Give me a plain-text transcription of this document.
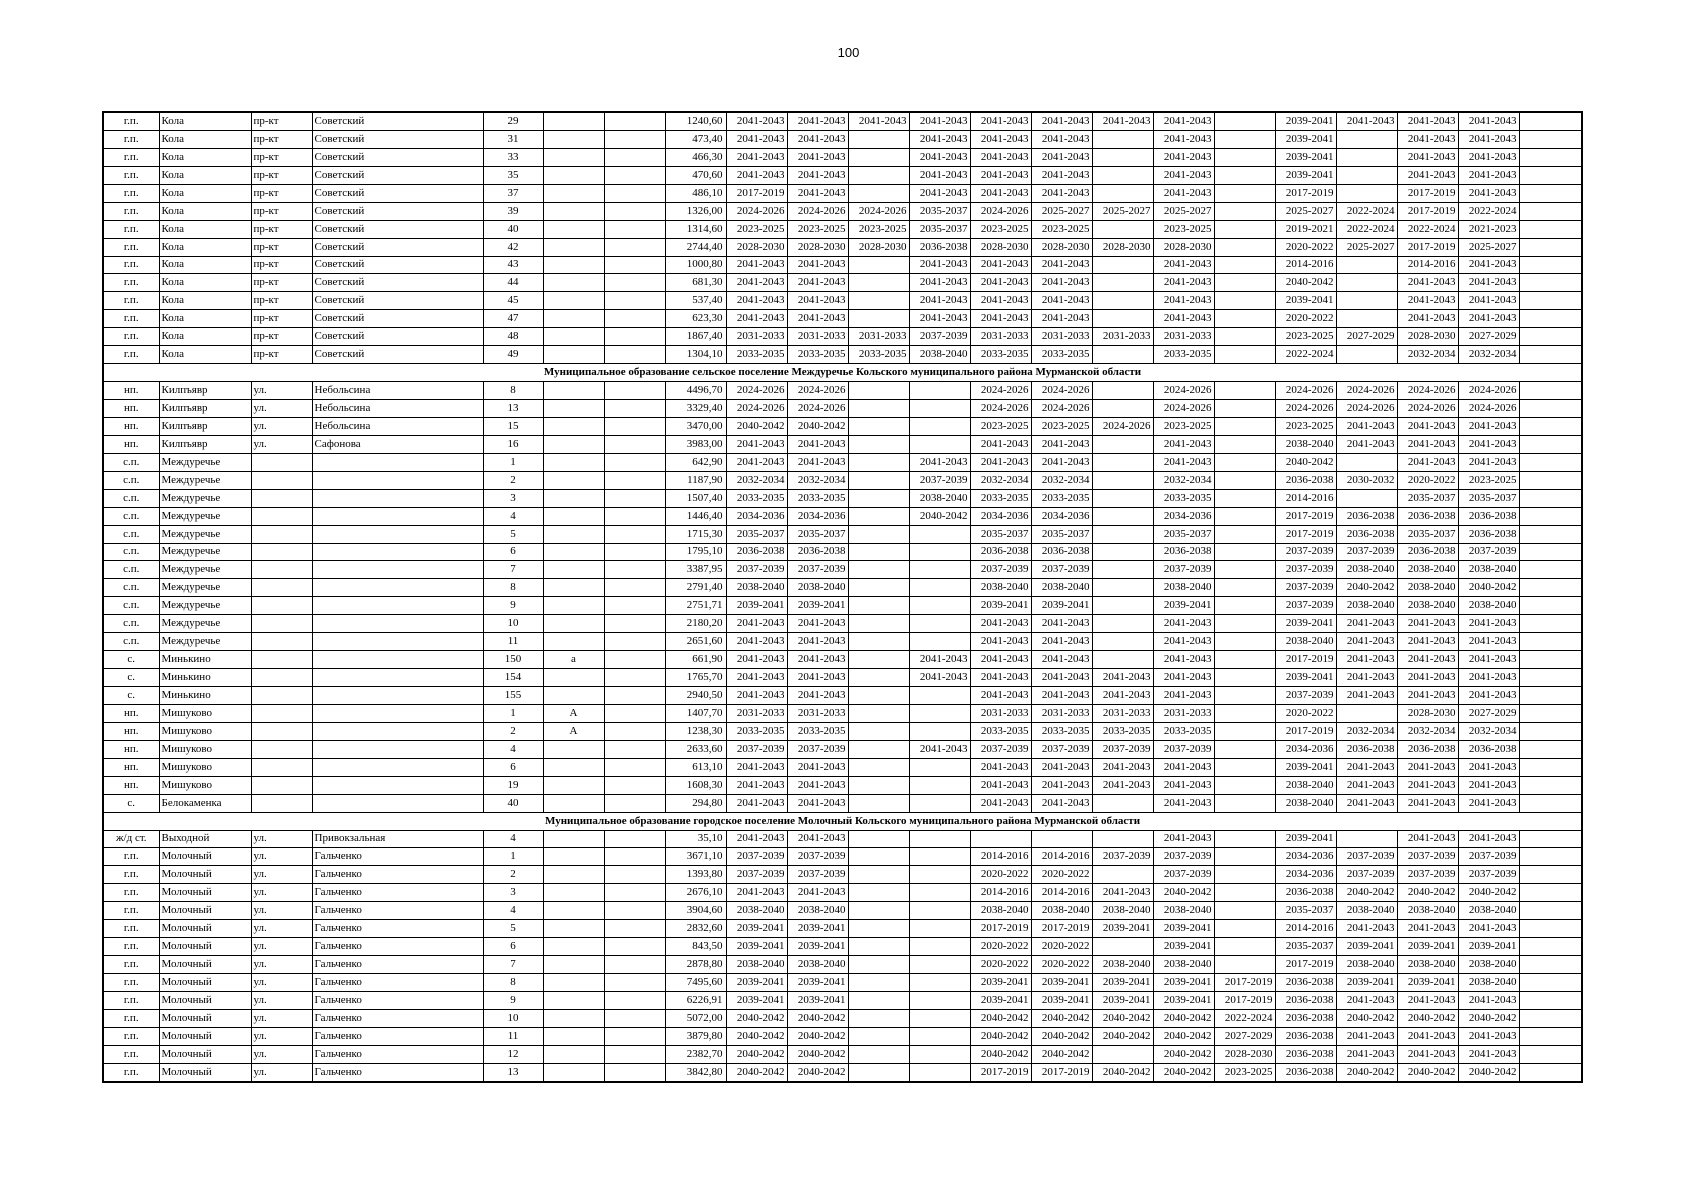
100
г.п.	Кола	пр-кт	Советский	29			1240,60	2041-2043	2041-2043	2041-2043	2041-2043	2041-2043	2041-2043	2041-2043	2041-2043		2039-2041	2041-2043	2041-2043	2041-2043	
г.п.	Кола	пр-кт	Советский	31			473,40	2041-2043	2041-2043		2041-2043	2041-2043	2041-2043		2041-2043		2039-2041		2041-2043	2041-2043	
г.п.	Кола	пр-кт	Советский	33			466,30	2041-2043	2041-2043		2041-2043	2041-2043	2041-2043		2041-2043		2039-2041		2041-2043	2041-2043	
г.п.	Кола	пр-кт	Советский	35			470,60	2041-2043	2041-2043		2041-2043	2041-2043	2041-2043		2041-2043		2039-2041		2041-2043	2041-2043	
г.п.	Кола	пр-кт	Советский	37			486,10	2017-2019	2041-2043		2041-2043	2041-2043	2041-2043		2041-2043		2017-2019		2017-2019	2041-2043	
г.п.	Кола	пр-кт	Советский	39			1326,00	2024-2026	2024-2026	2024-2026	2035-2037	2024-2026	2025-2027	2025-2027	2025-2027		2025-2027	2022-2024	2017-2019	2022-2024	
г.п.	Кола	пр-кт	Советский	40			1314,60	2023-2025	2023-2025	2023-2025	2035-2037	2023-2025	2023-2025		2023-2025		2019-2021	2022-2024	2022-2024	2021-2023	
г.п.	Кола	пр-кт	Советский	42			2744,40	2028-2030	2028-2030	2028-2030	2036-2038	2028-2030	2028-2030	2028-2030	2028-2030		2020-2022	2025-2027	2017-2019	2025-2027	
г.п.	Кола	пр-кт	Советский	43			1000,80	2041-2043	2041-2043		2041-2043	2041-2043	2041-2043		2041-2043		2014-2016		2014-2016	2041-2043	
г.п.	Кола	пр-кт	Советский	44			681,30	2041-2043	2041-2043		2041-2043	2041-2043	2041-2043		2041-2043		2040-2042		2041-2043	2041-2043	
г.п.	Кола	пр-кт	Советский	45			537,40	2041-2043	2041-2043		2041-2043	2041-2043	2041-2043		2041-2043		2039-2041		2041-2043	2041-2043	
г.п.	Кола	пр-кт	Советский	47			623,30	2041-2043	2041-2043		2041-2043	2041-2043	2041-2043		2041-2043		2020-2022		2041-2043	2041-2043	
г.п.	Кола	пр-кт	Советский	48			1867,40	2031-2033	2031-2033	2031-2033	2037-2039	2031-2033	2031-2033	2031-2033	2031-2033		2023-2025	2027-2029	2028-2030	2027-2029	
г.п.	Кола	пр-кт	Советский	49			1304,10	2033-2035	2033-2035	2033-2035	2038-2040	2033-2035	2033-2035		2033-2035		2022-2024		2032-2034	2032-2034	
Муниципальное образование сельское поселение Междуречье Кольского муниципального района Мурманской области																					
нп.	Килпъявр	ул.	Небольсина	8			4496,70	2024-2026	2024-2026			2024-2026	2024-2026		2024-2026		2024-2026	2024-2026	2024-2026	2024-2026	
нп.	Килпъявр	ул.	Небольсина	13			3329,40	2024-2026	2024-2026			2024-2026	2024-2026		2024-2026		2024-2026	2024-2026	2024-2026	2024-2026	
нп.	Килпъявр	ул.	Небольсина	15			3470,00	2040-2042	2040-2042			2023-2025	2023-2025	2024-2026	2023-2025		2023-2025	2041-2043	2041-2043	2041-2043	
нп.	Килпъявр	ул.	Сафонова	16			3983,00	2041-2043	2041-2043			2041-2043	2041-2043		2041-2043		2038-2040	2041-2043	2041-2043	2041-2043	
с.п.	Междуречье			1			642,90	2041-2043	2041-2043		2041-2043	2041-2043	2041-2043		2041-2043		2040-2042		2041-2043	2041-2043	
с.п.	Междуречье			2			1187,90	2032-2034	2032-2034		2037-2039	2032-2034	2032-2034		2032-2034		2036-2038	2030-2032	2020-2022	2023-2025	
с.п.	Междуречье			3			1507,40	2033-2035	2033-2035		2038-2040	2033-2035	2033-2035		2033-2035		2014-2016		2035-2037	2035-2037	
с.п.	Междуречье			4			1446,40	2034-2036	2034-2036		2040-2042	2034-2036	2034-2036		2034-2036		2017-2019	2036-2038	2036-2038	2036-2038	
с.п.	Междуречье			5			1715,30	2035-2037	2035-2037			2035-2037	2035-2037		2035-2037		2017-2019	2036-2038	2035-2037	2036-2038	
с.п.	Междуречье			6			1795,10	2036-2038	2036-2038			2036-2038	2036-2038		2036-2038		2037-2039	2037-2039	2036-2038	2037-2039	
с.п.	Междуречье			7			3387,95	2037-2039	2037-2039			2037-2039	2037-2039		2037-2039		2037-2039	2038-2040	2038-2040	2038-2040	
с.п.	Междуречье			8			2791,40	2038-2040	2038-2040			2038-2040	2038-2040		2038-2040		2037-2039	2040-2042	2038-2040	2040-2042	
с.п.	Междуречье			9			2751,71	2039-2041	2039-2041			2039-2041	2039-2041		2039-2041		2037-2039	2038-2040	2038-2040	2038-2040	
с.п.	Междуречье			10			2180,20	2041-2043	2041-2043			2041-2043	2041-2043		2041-2043		2039-2041	2041-2043	2041-2043	2041-2043	
с.п.	Междуречье			11			2651,60	2041-2043	2041-2043			2041-2043	2041-2043		2041-2043		2038-2040	2041-2043	2041-2043	2041-2043	
с.	Минькино			150	а		661,90	2041-2043	2041-2043		2041-2043	2041-2043	2041-2043		2041-2043		2017-2019	2041-2043	2041-2043	2041-2043	
с.	Минькино			154			1765,70	2041-2043	2041-2043		2041-2043	2041-2043	2041-2043	2041-2043	2041-2043		2039-2041	2041-2043	2041-2043	2041-2043	
с.	Минькино			155			2940,50	2041-2043	2041-2043			2041-2043	2041-2043	2041-2043	2041-2043		2037-2039	2041-2043	2041-2043	2041-2043	
нп.	Мишуково			1	А		1407,70	2031-2033	2031-2033			2031-2033	2031-2033	2031-2033	2031-2033		2020-2022		2028-2030	2027-2029	
нп.	Мишуково			2	А		1238,30	2033-2035	2033-2035			2033-2035	2033-2035	2033-2035	2033-2035		2017-2019	2032-2034	2032-2034	2032-2034	
нп.	Мишуково			4			2633,60	2037-2039	2037-2039		2041-2043	2037-2039	2037-2039	2037-2039	2037-2039		2034-2036	2036-2038	2036-2038	2036-2038	
нп.	Мишуково			6			613,10	2041-2043	2041-2043			2041-2043	2041-2043	2041-2043	2041-2043		2039-2041	2041-2043	2041-2043	2041-2043	
нп.	Мишуково			19			1608,30	2041-2043	2041-2043			2041-2043	2041-2043	2041-2043	2041-2043		2038-2040	2041-2043	2041-2043	2041-2043	
с.	Белокаменка			40			294,80	2041-2043	2041-2043			2041-2043	2041-2043		2041-2043		2038-2040	2041-2043	2041-2043	2041-2043	
Муниципальное образование городское поселение Молочный Кольского муниципального района Мурманской области																					
ж/д ст.	Выходной	ул.	Привокзальная	4			35,10	2041-2043	2041-2043						2041-2043		2039-2041		2041-2043	2041-2043	
г.п.	Молочный	ул.	Гальченко	1			3671,10	2037-2039	2037-2039			2014-2016	2014-2016	2037-2039	2037-2039		2034-2036	2037-2039	2037-2039	2037-2039	
г.п.	Молочный	ул.	Гальченко	2			1393,80	2037-2039	2037-2039			2020-2022	2020-2022		2037-2039		2034-2036	2037-2039	2037-2039	2037-2039	
г.п.	Молочный	ул.	Гальченко	3			2676,10	2041-2043	2041-2043			2014-2016	2014-2016	2041-2043	2040-2042		2036-2038	2040-2042	2040-2042	2040-2042	
г.п.	Молочный	ул.	Гальченко	4			3904,60	2038-2040	2038-2040			2038-2040	2038-2040	2038-2040	2038-2040		2035-2037	2038-2040	2038-2040	2038-2040	
г.п.	Молочный	ул.	Гальченко	5			2832,60	2039-2041	2039-2041			2017-2019	2017-2019	2039-2041	2039-2041		2014-2016	2041-2043	2041-2043	2041-2043	
г.п.	Молочный	ул.	Гальченко	6			843,50	2039-2041	2039-2041			2020-2022	2020-2022		2039-2041		2035-2037	2039-2041	2039-2041	2039-2041	
г.п.	Молочный	ул.	Гальченко	7			2878,80	2038-2040	2038-2040			2020-2022	2020-2022	2038-2040	2038-2040		2017-2019	2038-2040	2038-2040	2038-2040	
г.п.	Молочный	ул.	Гальченко	8			7495,60	2039-2041	2039-2041			2039-2041	2039-2041	2039-2041	2039-2041	2017-2019	2036-2038	2039-2041	2039-2041	2038-2040	
г.п.	Молочный	ул.	Гальченко	9			6226,91	2039-2041	2039-2041			2039-2041	2039-2041	2039-2041	2039-2041	2017-2019	2036-2038	2041-2043	2041-2043	2041-2043	
г.п.	Молочный	ул.	Гальченко	10			5072,00	2040-2042	2040-2042			2040-2042	2040-2042	2040-2042	2040-2042	2022-2024	2036-2038	2040-2042	2040-2042	2040-2042	
г.п.	Молочный	ул.	Гальченко	11			3879,80	2040-2042	2040-2042			2040-2042	2040-2042	2040-2042	2040-2042	2027-2029	2036-2038	2041-2043	2041-2043	2041-2043	
г.п.	Молочный	ул.	Гальченко	12			2382,70	2040-2042	2040-2042			2040-2042	2040-2042		2040-2042	2028-2030	2036-2038	2041-2043	2041-2043	2041-2043	
г.п.	Молочный	ул.	Гальченко	13			3842,80	2040-2042	2040-2042			2017-2019	2017-2019	2040-2042	2040-2042	2023-2025	2036-2038	2040-2042	2040-2042	2040-2042	
